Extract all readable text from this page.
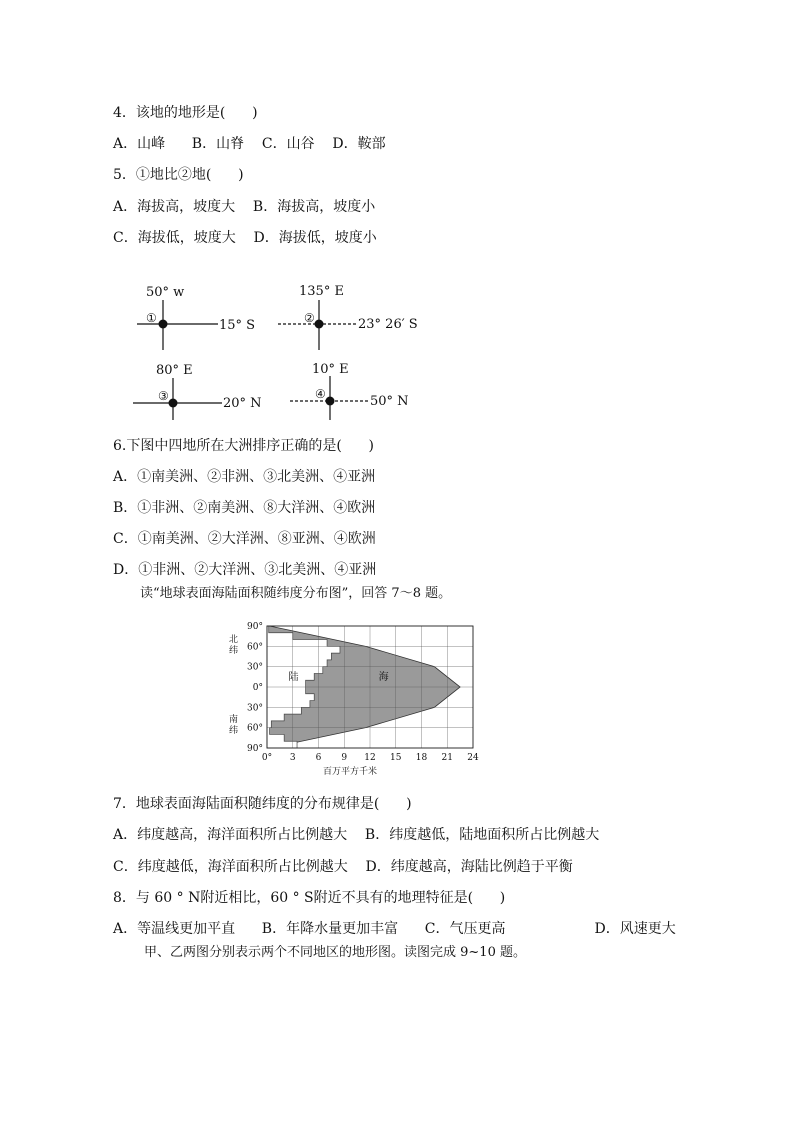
4．该地的地形是(      )
A．山峰      B．山脊    C．山谷    D．鞍部
5．①地比②地(      )
A．海拔高，坡度大    B．海拔高，坡度小
C．海拔低，坡度大    D．海拔低，坡度小
50° w
15° S
①
135° E
23° 26′ S
②
80° E
20° N
③
10° E
50° N
④
6.下图中四地所在大洲排序正确的是(      )
A．①南美洲、②非洲、③北美洲、④亚洲
B．①非洲、②南美洲、⑧大洋洲、④欧洲
C．①南美洲、②大洋洲、⑧亚洲、④欧洲
D．①非洲、②大洋洲、③北美洲、④亚洲
读“地球表面海陆面积随纬度分布图”，回答 7～8 题。
0° 3 6 9 12 15 18 21 24
90°
60°
30°
0°
30°
60°
90°
百万平方千米
北
纬
南
纬
陆	海
7．地球表面海陆面积随纬度的分布规律是(      )
A．纬度越高，海洋面积所占比例越大    B．纬度越低，陆地面积所占比例越大
C．纬度越低，海洋面积所占比例越大    D．纬度越高，海陆比例趋于平衡
8．与 60 ° N附近相比，60 ° S附近不具有的地理特征是(      )
A．等温线更加平直      B．年降水量更加丰富      C．气压更高                    D．风速更大
甲、乙两图分别表示两个不同地区的地形图。读图完成 9~10 题。
